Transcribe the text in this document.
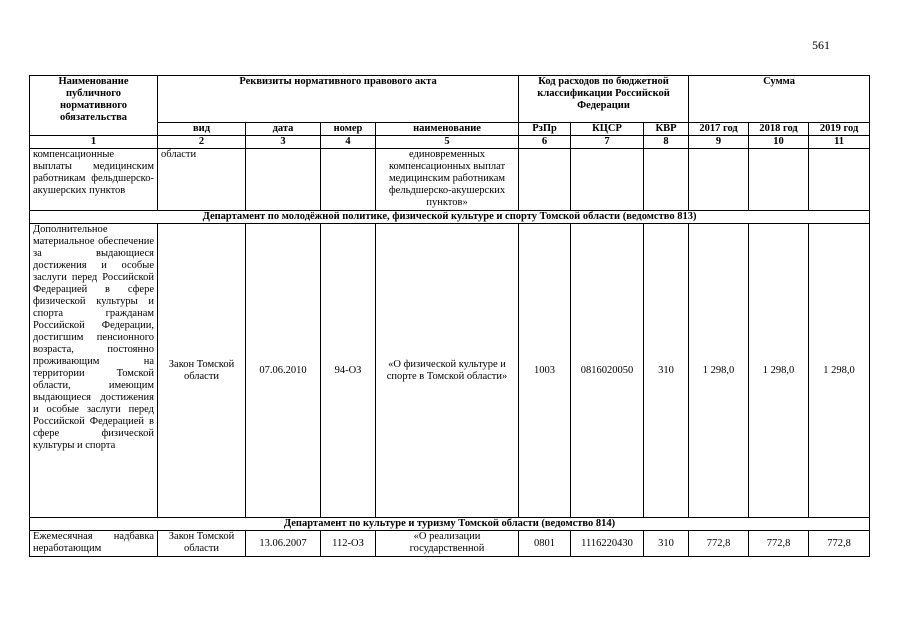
561
Наименование публичного нормативного обязательства	Реквизиты нормативного правового акта				Код расходов по бюджетной классификации Российской Федерации			Сумма		
	вид	дата	номер	наименование	РзПр	КЦСР	КВР	2017 год	2018 год	2019 год
1	2	3	4	5	6	7	8	9	10	11
компенсационные выплаты медицинским работникам фельдшерско-акушерских пунктов	области			единовременных компенсационных выплат медицинским работникам фельдшерско-акушерских пунктов»						
Департамент по молодёжной политике, физической культуре и спорту Томской области (ведомство 813)										
Дополнительное материальное обеспечение за выдающиеся достижения и особые заслуги перед Российской Федерацией в сфере физической культуры и спорта гражданам Российской Федерации, достигшим пенсионного возраста, постоянно проживающим на территории Томской области, имеющим выдающиеся достижения и особые заслуги перед Российской Федерацией в сфере физической культуры и спорта	Закон Томской области	07.06.2010	94-ОЗ	«О физической культуре и спорте в Томской области»	1003	0816020050	310	1 298,0	1 298,0	1 298,0
Департамент по культуре и туризму Томской области (ведомство 814)										
Ежемесячная надбавка неработающим	Закон Томской области	13.06.2007	112-ОЗ	«О реализации государственной	0801	1116220430	310	772,8	772,8	772,8
